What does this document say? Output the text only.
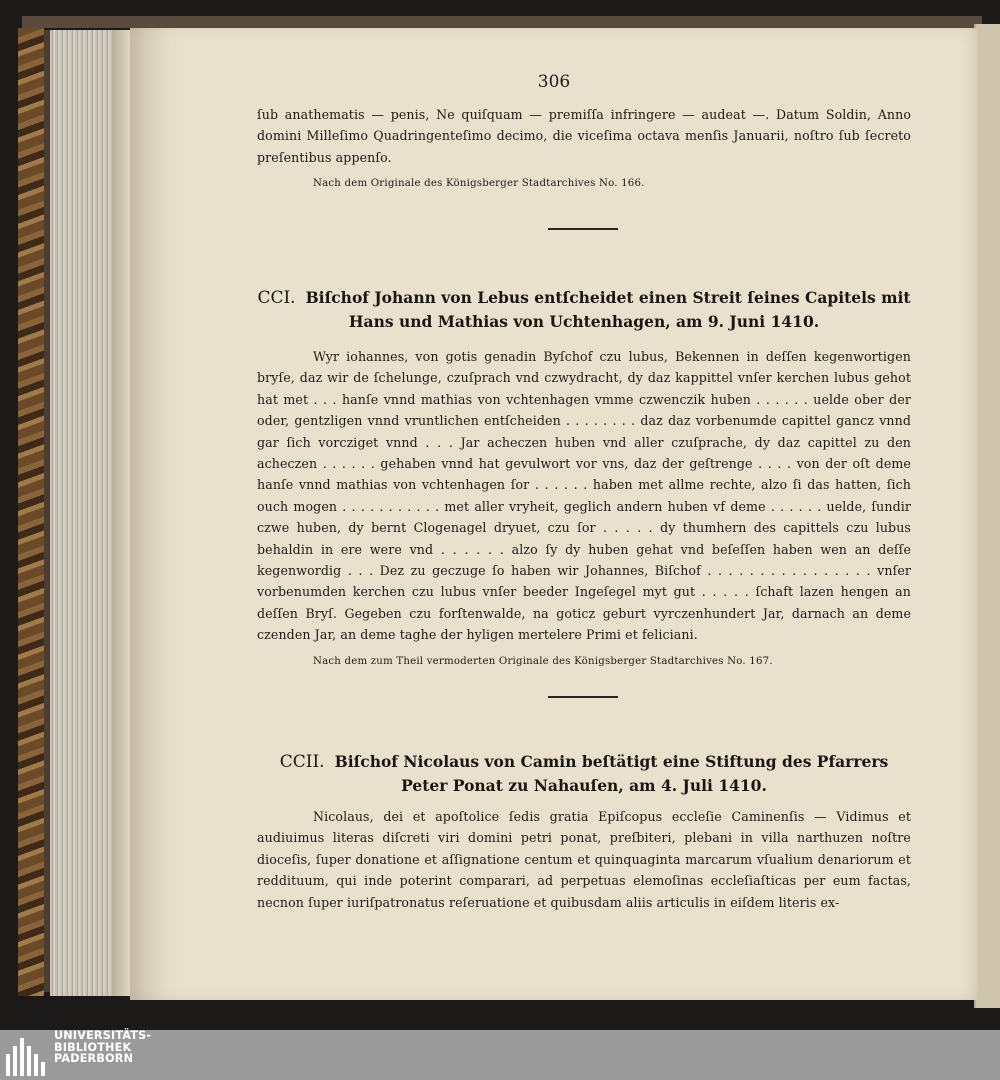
306

ſub anathematis — penis, Ne quiſquam — premiſſa infringere — audeat —. Datum Soldin, Anno domini Milleſimo Quadringenteſimo decimo, die viceſima octava menſis Januarii, noſtro ſub ſecreto preſentibus appenſo.

Nach dem Originale des Königsberger Stadtarchives No. 166.
CCI. Biſchof Johann von Lebus entſcheidet einen Streit ſeines Capitels mit Hans und Mathias von Uchtenhagen, am 9. Juni 1410.

Wyr iohannes, von gotis genadin Byſchof czu lubus, Bekennen in deſſen kegenwortigen bryſe, daz wir de ſchelunge, czuſprach vnd czwydracht, dy daz kappittel vnſer kerchen lubus gehot hat met . . . hanſe vnnd mathias von vchtenhagen vmme czwenczik huben . . . . . . uelde ober der oder, gentzligen vnnd vruntlichen entſcheiden . . . . . . . . daz daz vorbenumde capittel gancz vnnd gar ſich vorcziget vnnd . . . Jar acheczen huben vnd aller czuſprache, dy daz capittel zu den acheczen . . . . . . gehaben vnnd hat gevulwort vor vns, daz der geſtrenge . . . . von der oſt deme hanſe vnnd mathias von vchtenhagen ſor . . . . . . haben met allme rechte, alzo ſi das hatten, ſich ouch mogen . . . . . . . . . . . met aller vryheit, geglich andern huben vf deme . . . . . . uelde, ſundir czwe huben, dy bernt Clogenagel dryuet, czu ſor . . . . . dy thumhern des capittels czu lubus behaldin in ere were vnd . . . . . . alzo ſy dy huben gehat vnd beſeſſen haben wen an deſſe kegenwordig . . . Dez zu geczuge ſo haben wir Johannes, Biſchof . . . . . . . . . . . . . . . . vnſer vorbenumden kerchen czu lubus vnſer beeder Ingeſegel myt gut . . . . . ſchaft lazen hengen an deſſen Bryſ. Gegeben czu forſtenwalde, na goticz geburt vyrczenhundert Jar, darnach an deme czenden Jar, an deme taghe der hyligen mertelere Primi et feliciani.

Nach dem zum Theil vermoderten Originale des Königsberger Stadtarchives No. 167.
CCII. Biſchof Nicolaus von Camin beſtätigt eine Stiftung des Pfarrers Peter Ponat zu Nahauſen, am 4. Juli 1410.

Nicolaus, dei et apoſtolice ſedis gratia Epiſcopus eccleſie Caminenſis — Vidimus et audiuimus literas diſcreti viri domini petri ponat, preſbiteri, plebani in villa narthuzen noſtre dioceſis, ſuper donatione et aſſignatione centum et quinquaginta marcarum vſualium denariorum et reddituum, qui inde poterint comparari, ad perpetuas elemoſinas eccleſiaſticas per eum factas, necnon ſuper iuriſpatronatus reſeruatione et quibusdam aliis articulis in eiſdem literis ex-

UNIVERSITÄTS-
BIBLIOTHEK
PADERBORN
